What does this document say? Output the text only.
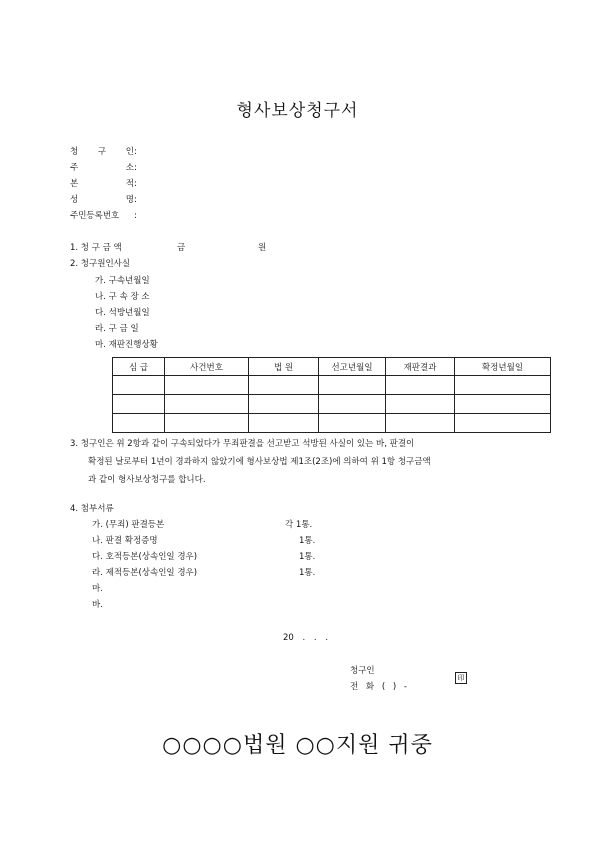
형사보상청구서
청 구 인:
주 소:
본 적:
성 명:
주민등록번호 :
1. 청 구 금 액	금	원
2. 청구원인사실
가. 구속년월일
나. 구 속 장 소
다. 석방년월일
라. 구 금 일
마. 재판진행상황
심 급	사건번호	법 원	선고년월일	재판결과	확정년월일

3. 청구인은 위 2항과 같이 구속되었다가 무죄판결을 선고받고 석방된 사실이 있는 바, 판결이
확정된 날로부터 1년이 경과하지 않았기에 형사보상법 제1조(2조)에 의하여 위 1항 청구금액
과 같이 형사보상청구를 합니다.
4. 첨부서류
가. (무죄) 판결등본	각 1통.
나. 판결 확정증명	1통.
다. 호적등본(상속인일 경우)	1통.
라. 제적등본(상속인일 경우)	1통.
마.
바.
20 . . .
청구인
印
전 화 ( ) -
○○○○법원 ○○지원 귀중
